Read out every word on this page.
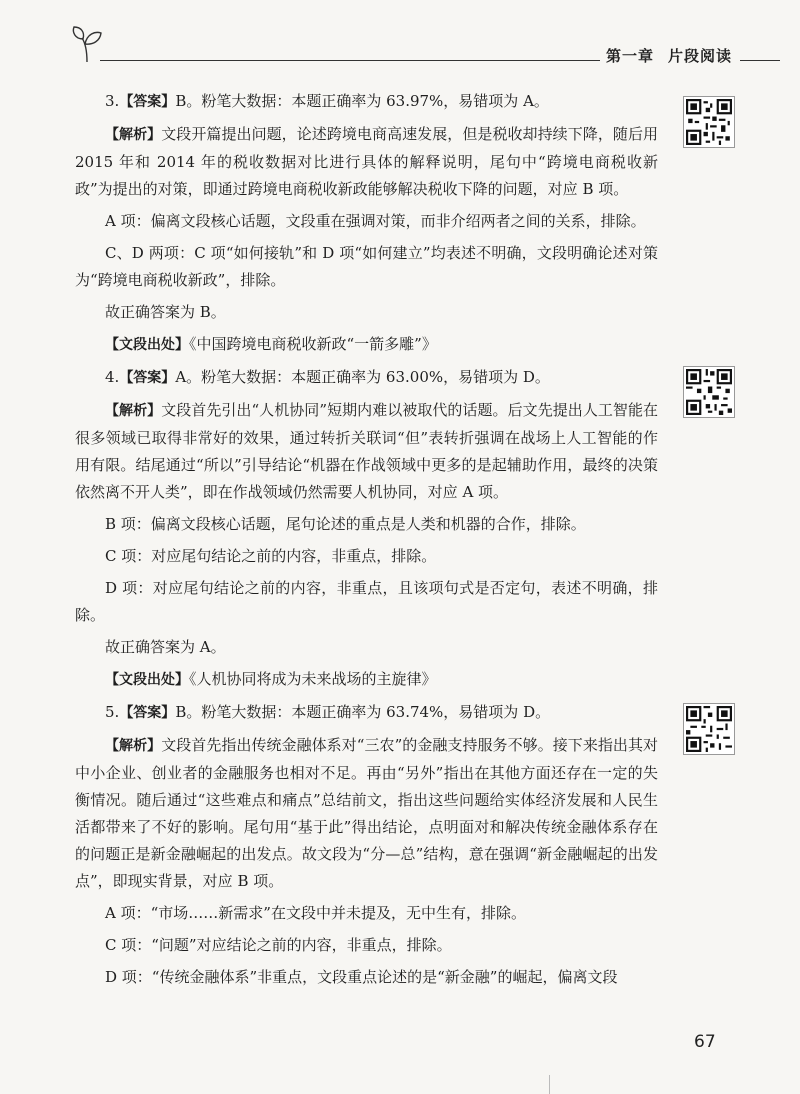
第一章 片段阅读

3.【答案】B。粉笔大数据：本题正确率为 63.97%，易错项为 A。

【解析】文段开篇提出问题，论述跨境电商高速发展，但是税收却持续下降，随后用 2015 年和 2014 年的税收数据对比进行具体的解释说明，尾句中“跨境电商税收新政”为提出的对策，即通过跨境电商税收新政能够解决税收下降的问题，对应 B 项。

A 项：偏离文段核心话题，文段重在强调对策，而非介绍两者之间的关系，排除。

C、D 两项：C 项“如何接轨”和 D 项“如何建立”均表述不明确，文段明确论述对策为“跨境电商税收新政”，排除。

故正确答案为 B。

【文段出处】《中国跨境电商税收新政“一箭多雕”》

4.【答案】A。粉笔大数据：本题正确率为 63.00%，易错项为 D。

【解析】文段首先引出“人机协同”短期内难以被取代的话题。后文先提出人工智能在很多领域已取得非常好的效果，通过转折关联词“但”表转折强调在战场上人工智能的作用有限。结尾通过“所以”引导结论“机器在作战领域中更多的是起辅助作用，最终的决策依然离不开人类”，即在作战领域仍然需要人机协同，对应 A 项。

B 项：偏离文段核心话题，尾句论述的重点是人类和机器的合作，排除。

C 项：对应尾句结论之前的内容，非重点，排除。

D 项：对应尾句结论之前的内容，非重点，且该项句式是否定句，表述不明确，排除。

故正确答案为 A。

【文段出处】《人机协同将成为未来战场的主旋律》

5.【答案】B。粉笔大数据：本题正确率为 63.74%，易错项为 D。

【解析】文段首先指出传统金融体系对“三农”的金融支持服务不够。接下来指出其对中小企业、创业者的金融服务也相对不足。再由“另外”指出在其他方面还存在一定的失衡情况。随后通过“这些难点和痛点”总结前文，指出这些问题给实体经济发展和人民生活都带来了不好的影响。尾句用“基于此”得出结论，点明面对和解决传统金融体系存在的问题正是新金融崛起的出发点。故文段为“分—总”结构，意在强调“新金融崛起的出发点”，即现实背景，对应 B 项。

A 项：“市场……新需求”在文段中并未提及，无中生有，排除。

C 项：“问题”对应结论之前的内容，非重点，排除。

D 项：“传统金融体系”非重点，文段重点论述的是“新金融”的崛起，偏离文段

67
